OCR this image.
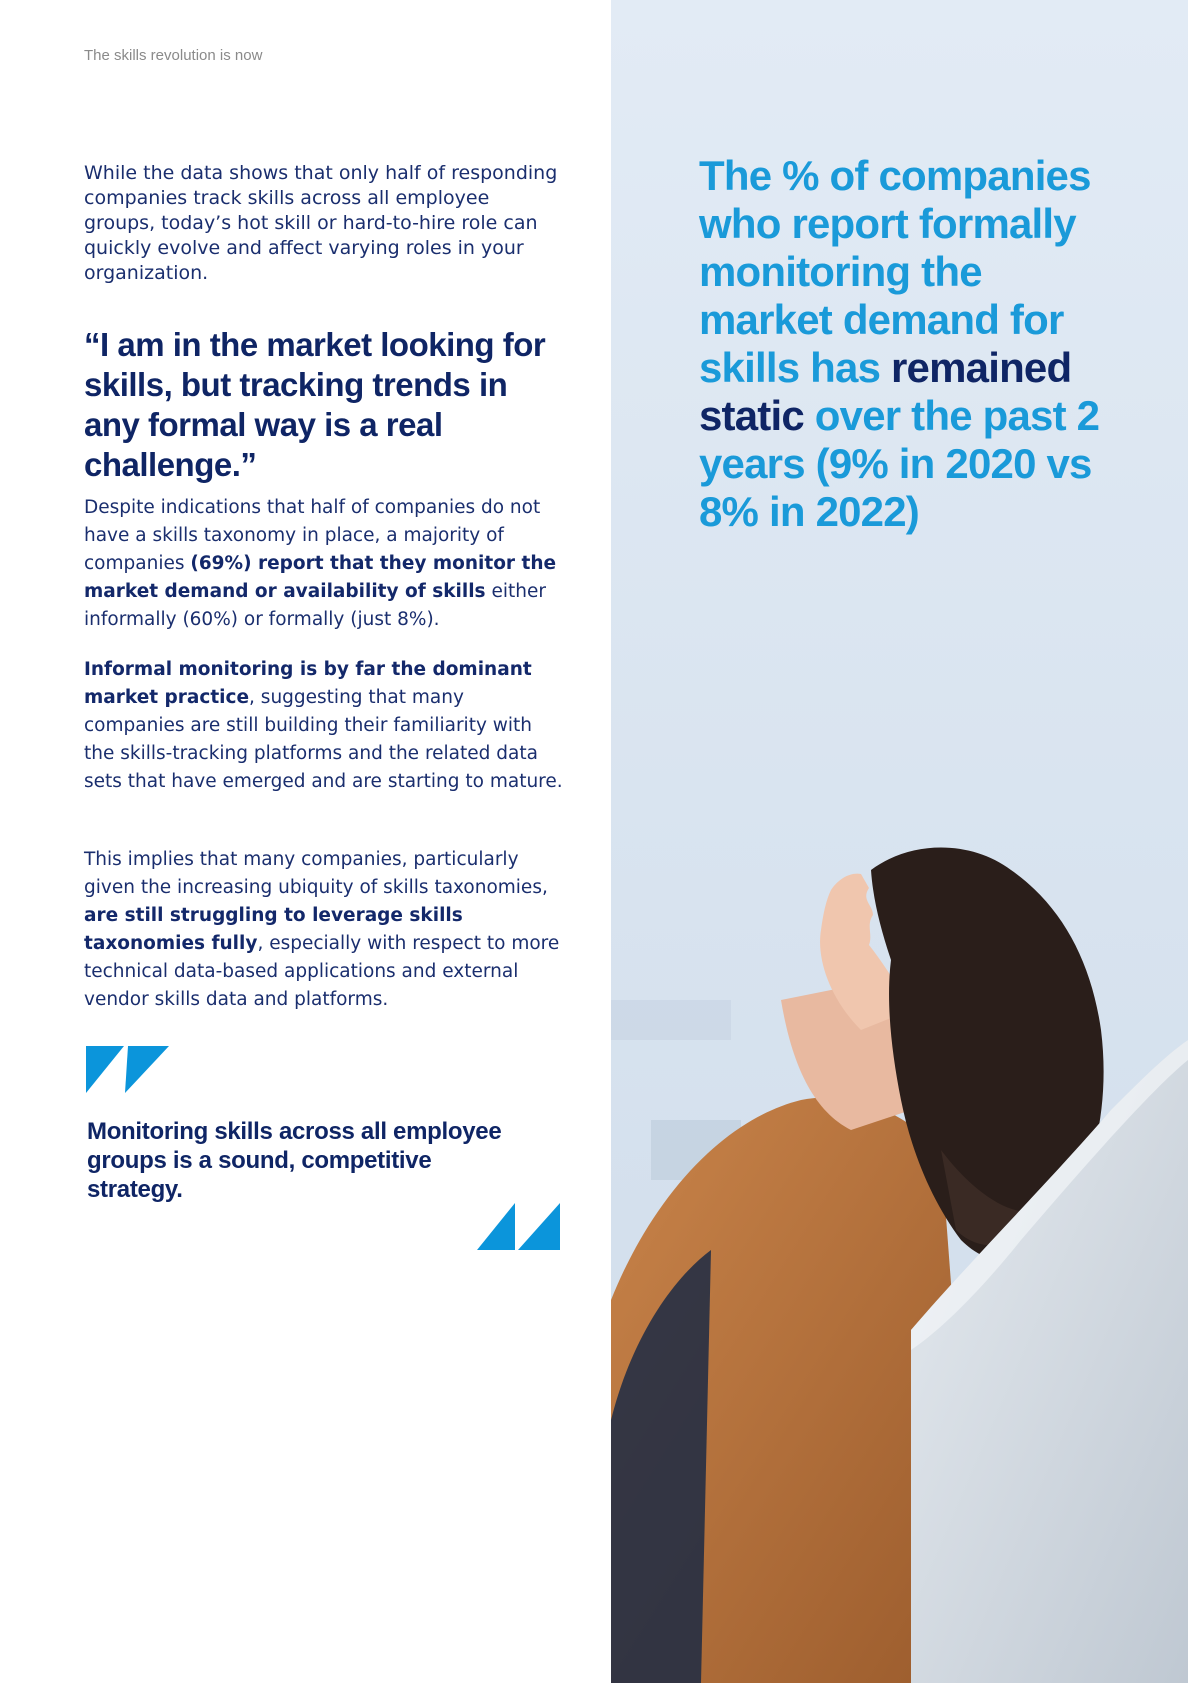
The skills revolution is now

While the data shows that only half of responding companies track skills across all employee groups, today’s hot skill or hard-to-hire role can quickly evolve and affect varying roles in your organization.

“I am in the market looking for skills, but tracking trends in any formal way is a real challenge.”

Despite indications that half of companies do not have a skills taxonomy in place, a majority of companies (69%) report that they monitor the market demand or availability of skills either informally (60%) or formally (just 8%).

Informal monitoring is by far the dominant market practice, suggesting that many companies are still building their familiarity with the skills-tracking platforms and the related data sets that have emerged and are starting to mature.

This implies that many companies, particularly given the increasing ubiquity of skills taxonomies, are still struggling to leverage skills taxonomies fully, especially with respect to more technical data-based applications and external vendor skills data and platforms.

Monitoring skills across all employee groups is a sound, competitive strategy.

The % of companies who report formally monitoring the market demand for skills has remained static over the past 2 years (9% in 2020 vs 8% in 2022)
